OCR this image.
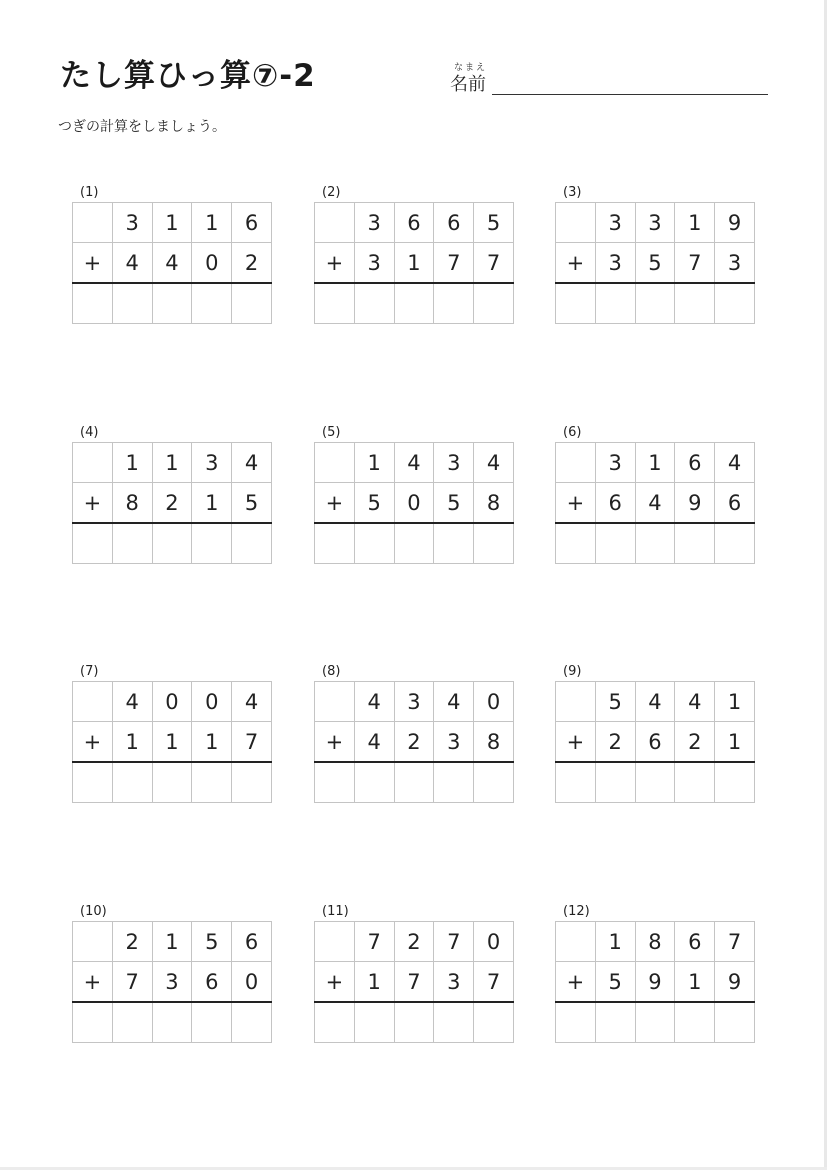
たし算ひっ算⑦-2	なまえ
名前
つぎの計算をしましょう。
(1)
	3	1	1	6
+	4	4	0	2

(2)
	3	6	6	5
+	3	1	7	7

(3)
	3	3	1	9
+	3	5	7	3

(4)
	1	1	3	4
+	8	2	1	5

(5)
	1	4	3	4
+	5	0	5	8

(6)
	3	1	6	4
+	6	4	9	6

(7)
	4	0	0	4
+	1	1	1	7

(8)
	4	3	4	0
+	4	2	3	8

(9)
	5	4	4	1
+	2	6	2	1

(10)
	2	1	5	6
+	7	3	6	0

(11)
	7	2	7	0
+	1	7	3	7

(12)
	1	8	6	7
+	5	9	1	9
